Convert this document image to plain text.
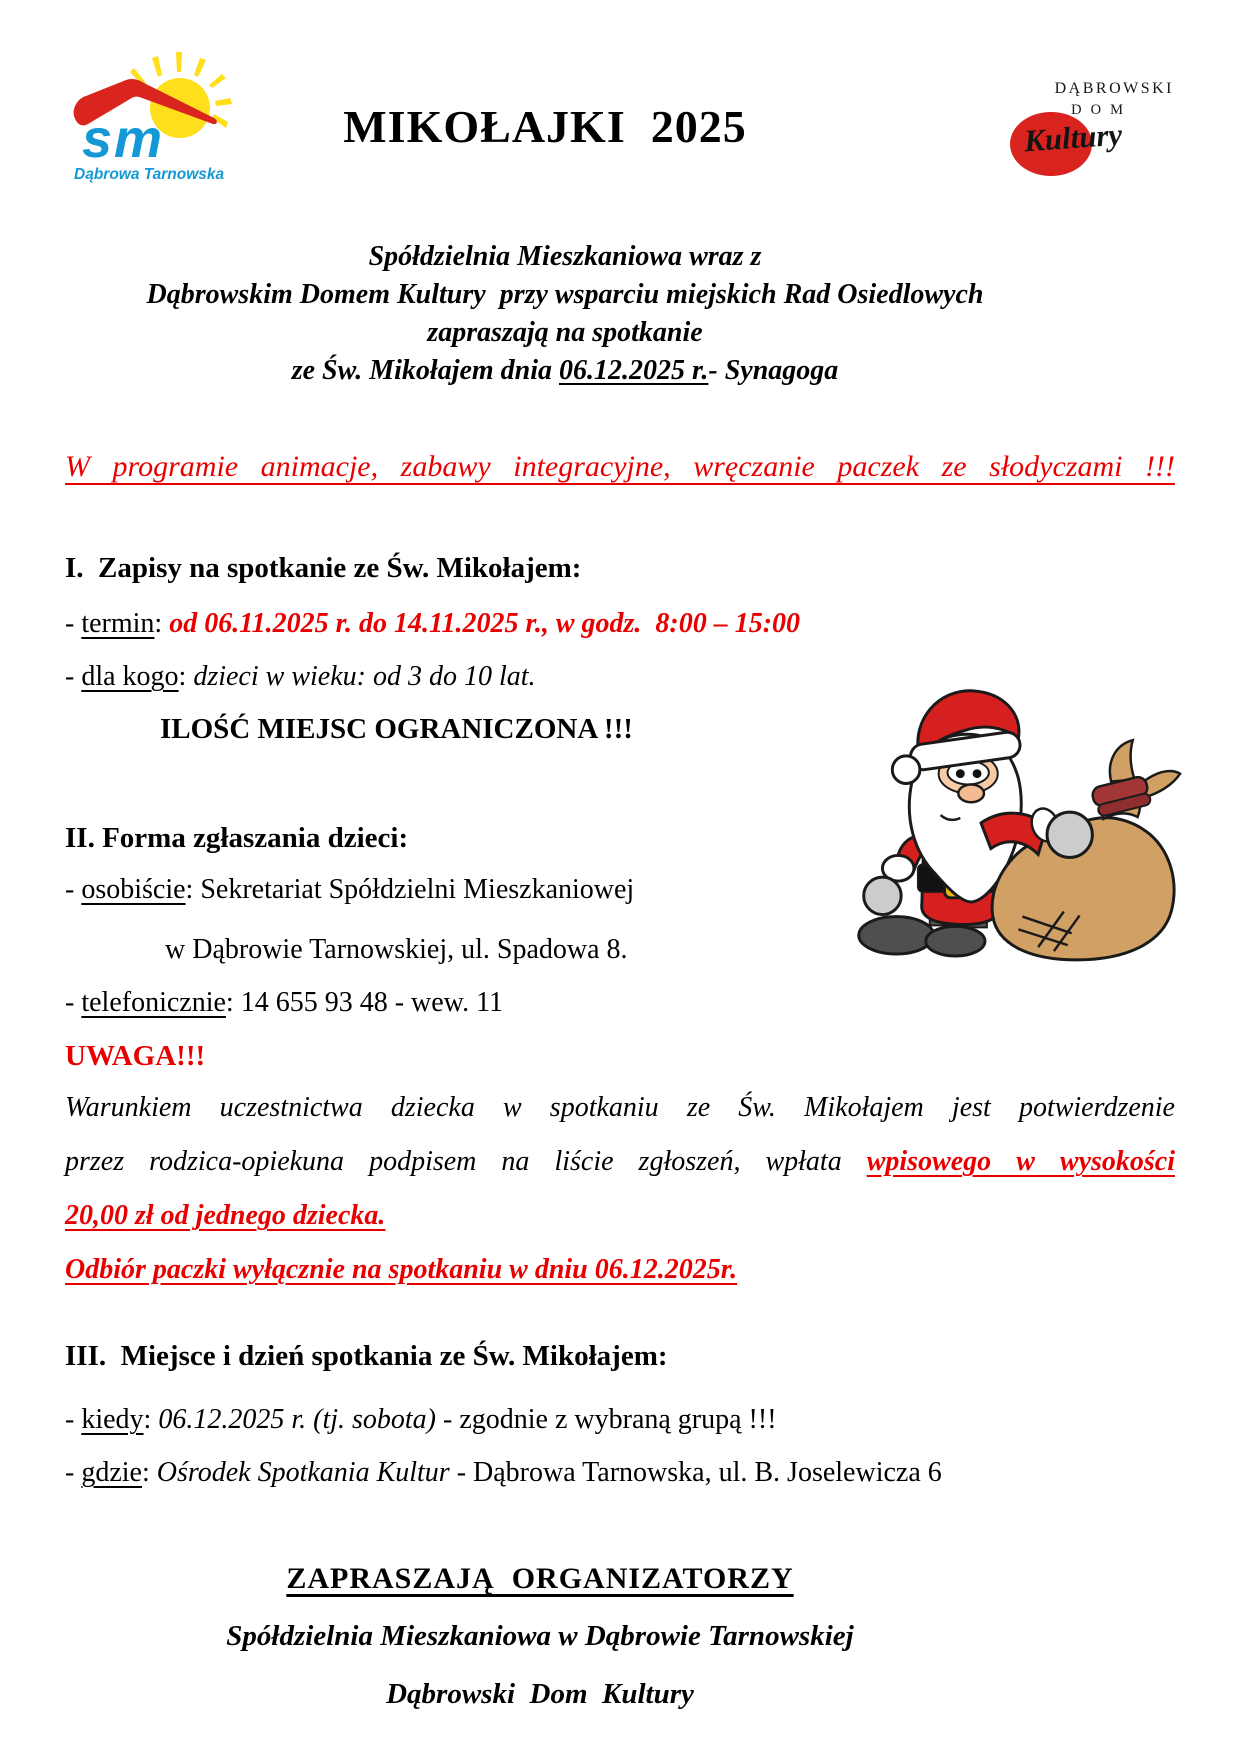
sm
Dąbrowa Tarnowska
MIKOŁAJKI  2025
DĄBROWSKI
DOM
Kultury
Spółdzielnia Mieszkaniowa wraz z
Dąbrowskim Domem Kultury  przy wsparciu miejskich Rad Osiedlowych
zapraszają na spotkanie
ze Św. Mikołajem dnia 06.12.2025 r.- Synagoga
W programie animacje, zabawy integracyjne, wręczanie paczek ze słodyczami !!!
I.  Zapisy na spotkanie ze Św. Mikołajem:
- termin: od 06.11.2025 r. do 14.11.2025 r., w godz.  8:00 – 15:00
- dla kogo: dzieci w wieku: od 3 do 10 lat.
ILOŚĆ MIEJSC OGRANICZONA !!!
II. Forma zgłaszania dzieci:
- osobiście: Sekretariat Spółdzielni Mieszkaniowej
w Dąbrowie Tarnowskiej, ul. Spadowa 8.
- telefonicznie: 14 655 93 48 - wew. 11
UWAGA!!!
Warunkiem uczestnictwa dziecka w spotkaniu ze Św. Mikołajem jest potwierdzenie
przez rodzica-opiekuna podpisem na liście zgłoszeń, wpłata wpisowego w wysokości
20,00 zł od jednego dziecka.
Odbiór paczki wyłącznie na spotkaniu w dniu 06.12.2025r.
III.  Miejsce i dzień spotkania ze Św. Mikołajem:
- kiedy: 06.12.2025 r. (tj. sobota) - zgodnie z wybraną grupą !!!
- gdzie: Ośrodek Spotkania Kultur - Dąbrowa Tarnowska, ul. B. Joselewicza 6
ZAPRASZAJĄ  ORGANIZATORZY
Spółdzielnia Mieszkaniowa w Dąbrowie Tarnowskiej
Dąbrowski  Dom  Kultury
